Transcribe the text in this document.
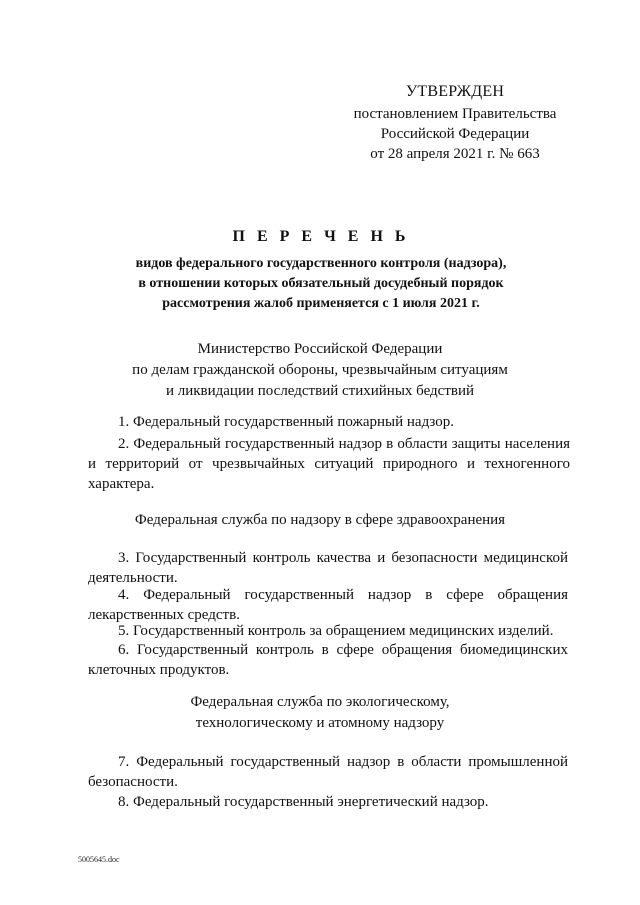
УТВЕРЖДЕН
постановлением Правительства
Российской Федерации
от 28 апреля 2021 г. № 663
П Е Р Е Ч Е Н Ь
видов федерального государственного контроля (надзора),
в отношении которых обязательный досудебный порядок
рассмотрения жалоб применяется с 1 июля 2021 г.
Министерство Российской Федерации
по делам гражданской обороны, чрезвычайным ситуациям
и ликвидации последствий стихийных бедствий
1. Федеральный государственный пожарный надзор.
2. Федеральный государственный надзор в области защиты населения и территорий от чрезвычайных ситуаций природного и техногенного характера.
Федеральная служба по надзору в сфере здравоохранения
3. Государственный контроль качества и безопасности медицинской деятельности.
4. Федеральный государственный надзор в сфере обращения лекарственных средств.
5. Государственный контроль за обращением медицинских изделий.
6. Государственный контроль в сфере обращения биомедицинских клеточных продуктов.
Федеральная служба по экологическому,
технологическому и атомному надзору
7. Федеральный государственный надзор в области промышленной безопасности.
8. Федеральный государственный энергетический надзор.
5005645.doc
